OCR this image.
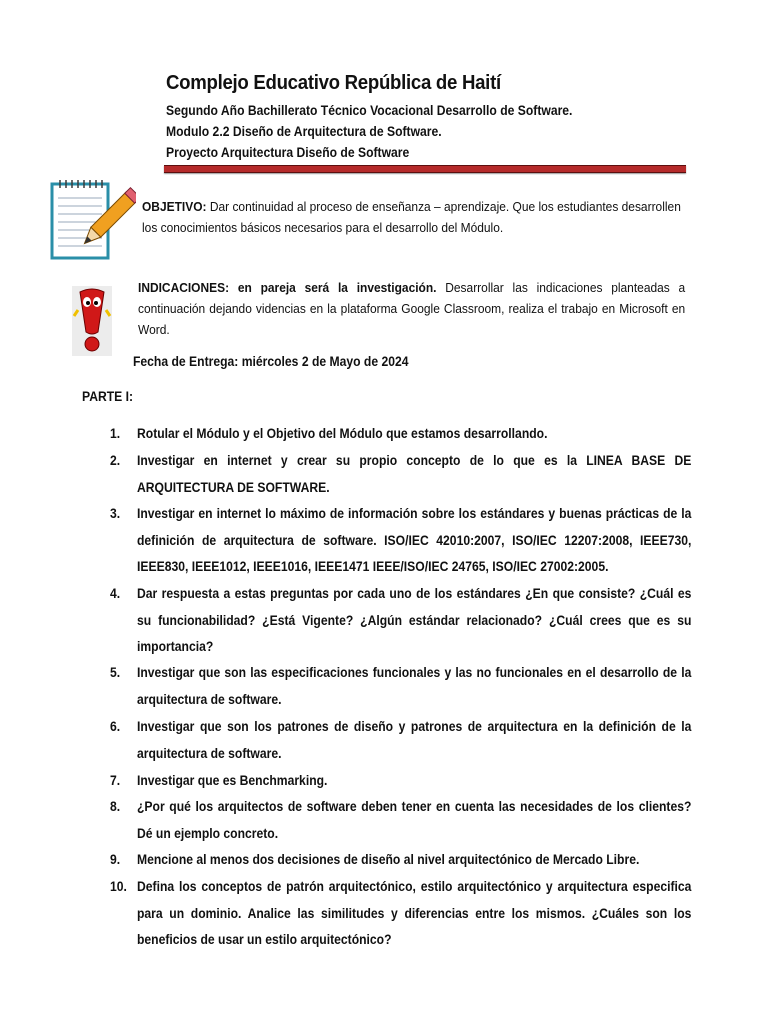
Complejo Educativo República de Haití
Segundo Año Bachillerato Técnico Vocacional Desarrollo de Software.
Modulo 2.2 Diseño de Arquitectura de Software.
Proyecto Arquitectura Diseño de Software
OBJETIVO: Dar continuidad al proceso de enseñanza – aprendizaje. Que los estudiantes desarrollen los conocimientos básicos necesarios para el desarrollo del Módulo.
INDICACIONES: en pareja será la investigación. Desarrollar las indicaciones planteadas a continuación dejando videncias en la plataforma Google Classroom, realiza el trabajo en Microsoft en Word.
Fecha de Entrega: miércoles 2 de Mayo de 2024
PARTE I:
1. Rotular el Módulo y el Objetivo del Módulo que estamos desarrollando.
2. Investigar en internet y crear su propio concepto de lo que es la LINEA BASE DE ARQUITECTURA DE SOFTWARE.
3. Investigar en internet lo máximo de información sobre los estándares y buenas prácticas de la definición de arquitectura de software. ISO/IEC 42010:2007, ISO/IEC 12207:2008, IEEE730, IEEE830, IEEE1012, IEEE1016, IEEE1471 IEEE/ISO/IEC 24765, ISO/IEC 27002:2005.
4. Dar respuesta a estas preguntas por cada uno de los estándares ¿En que consiste? ¿Cuál es su funcionabilidad? ¿Está Vigente? ¿Algún estándar relacionado? ¿Cuál crees que es su importancia?
5. Investigar que son las especificaciones funcionales y las no funcionales en el desarrollo de la arquitectura de software.
6. Investigar que son los patrones de diseño y patrones de arquitectura en la definición de la arquitectura de software.
7. Investigar que es Benchmarking.
8. ¿Por qué los arquitectos de software deben tener en cuenta las necesidades de los clientes? Dé un ejemplo concreto.
9. Mencione al menos dos decisiones de diseño al nivel arquitectónico de Mercado Libre.
10. Defina los conceptos de patrón arquitectónico, estilo arquitectónico y arquitectura especifica para un dominio. Analice las similitudes y diferencias entre los mismos. ¿Cuáles son los beneficios de usar un estilo arquitectónico?
